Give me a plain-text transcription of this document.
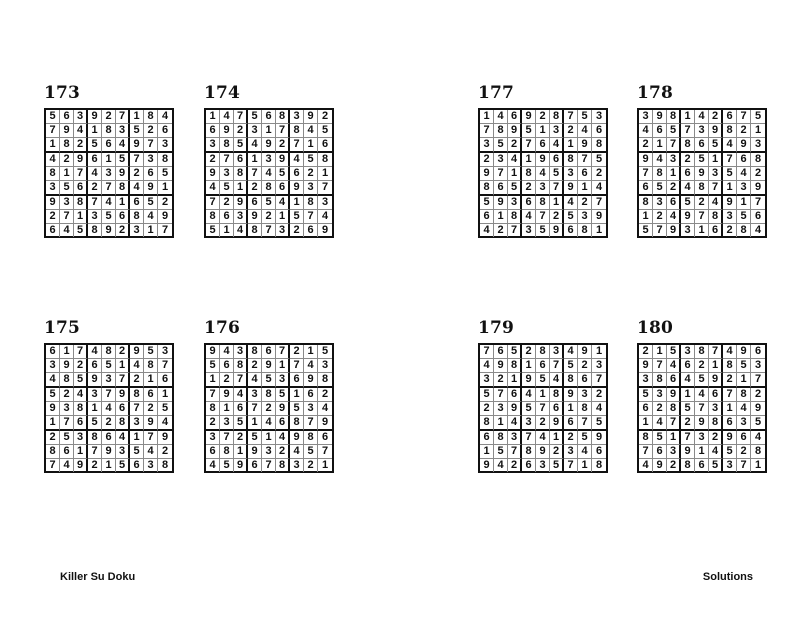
173
5 6 3 9 2 7 1 8 4
7 9 4 1 8 3 5 2 6
1 8 2 5 6 4 9 7 3
4 2 9 6 1 5 7 3 8
8 1 7 4 3 9 2 6 5
3 5 6 2 7 8 4 9 1
9 3 8 7 4 1 6 5 2
2 7 1 3 5 6 8 4 9
6 4 5 8 9 2 3 1 7
174
1 4 7 5 6 8 3 9 2
6 9 2 3 1 7 8 4 5
3 8 5 4 9 2 7 1 6
2 7 6 1 3 9 4 5 8
9 3 8 7 4 5 6 2 1
4 5 1 2 8 6 9 3 7
7 2 9 6 5 4 1 8 3
8 6 3 9 2 1 5 7 4
5 1 4 8 7 3 2 6 9
175
6 1 7 4 8 2 9 5 3
3 9 2 6 5 1 4 8 7
4 8 5 9 3 7 2 1 6
5 2 4 3 7 9 8 6 1
9 3 8 1 4 6 7 2 5
1 7 6 5 2 8 3 9 4
2 5 3 8 6 4 1 7 9
8 6 1 7 9 3 5 4 2
7 4 9 2 1 5 6 3 8
176
9 4 3 8 6 7 2 1 5
5 6 8 2 9 1 7 4 3
1 2 7 4 5 3 6 9 8
7 9 4 3 8 5 1 6 2
8 1 6 7 2 9 5 3 4
2 3 5 1 4 6 8 7 9
3 7 2 5 1 4 9 8 6
6 8 1 9 3 2 4 5 7
4 5 9 6 7 8 3 2 1
177
1 4 6 9 2 8 7 5 3
7 8 9 5 1 3 2 4 6
3 5 2 7 6 4 1 9 8
2 3 4 1 9 6 8 7 5
9 7 1 8 4 5 3 6 2
8 6 5 2 3 7 9 1 4
5 9 3 6 8 1 4 2 7
6 1 8 4 7 2 5 3 9
4 2 7 3 5 9 6 8 1
178
3 9 8 1 4 2 6 7 5
4 6 5 7 3 9 8 2 1
2 1 7 8 6 5 4 9 3
9 4 3 2 5 1 7 6 8
7 8 1 6 9 3 5 4 2
6 5 2 4 8 7 1 3 9
8 3 6 5 2 4 9 1 7
1 2 4 9 7 8 3 5 6
5 7 9 3 1 6 2 8 4
179
7 6 5 2 8 3 4 9 1
4 9 8 1 6 7 5 2 3
3 2 1 9 5 4 8 6 7
5 7 6 4 1 8 9 3 2
2 3 9 5 7 6 1 8 4
8 1 4 3 2 9 6 7 5
6 8 3 7 4 1 2 5 9
1 5 7 8 9 2 3 4 6
9 4 2 6 3 5 7 1 8
180
2 1 5 3 8 7 4 9 6
9 7 4 6 2 1 8 5 3
3 8 6 4 5 9 2 1 7
5 3 9 1 4 6 7 8 2
6 2 8 5 7 3 1 4 9
1 4 7 2 9 8 6 3 5
8 5 1 7 3 2 9 6 4
7 6 3 9 1 4 5 2 8
4 9 2 8 6 5 3 7 1
Killer Su Doku	Solutions
